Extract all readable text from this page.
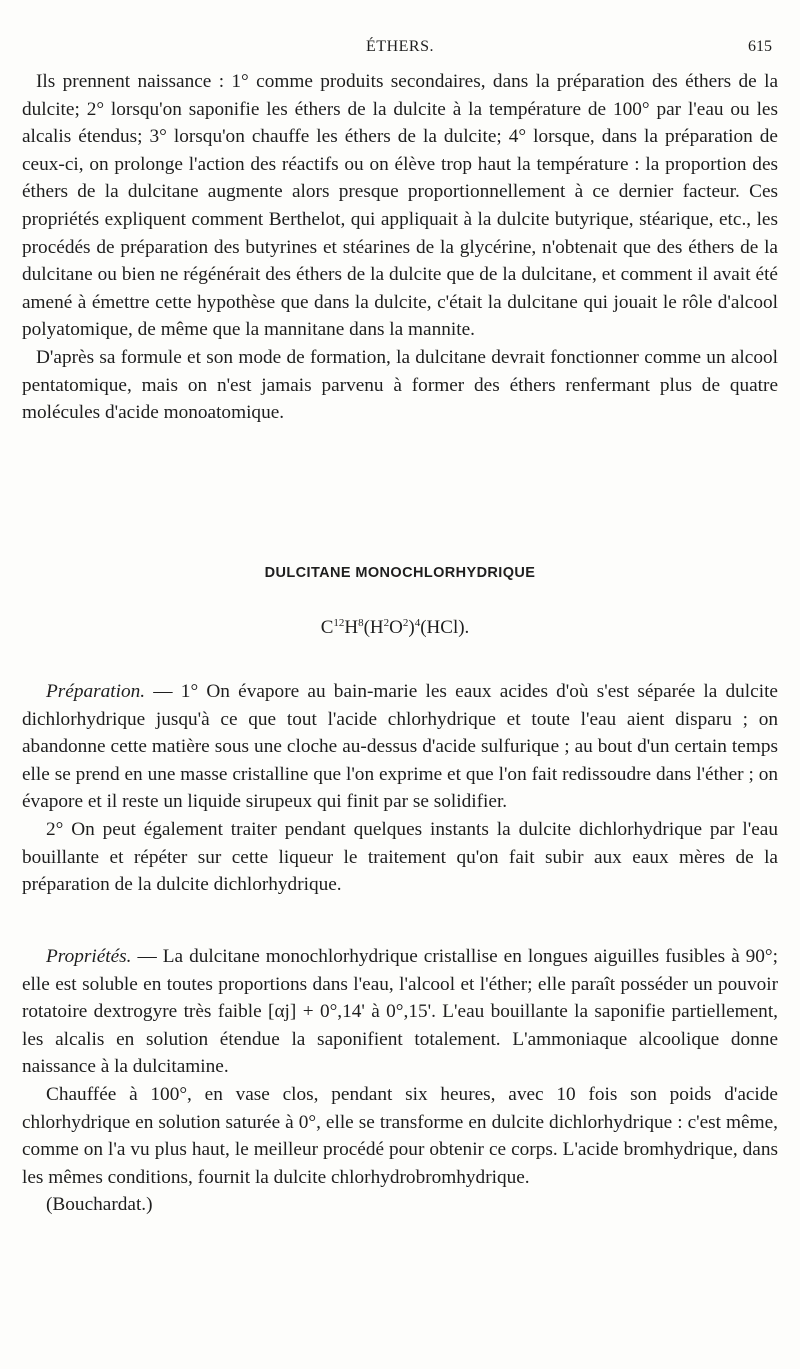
ÉTHERS.	615

Ils prennent naissance : 1° comme produits secondaires, dans la préparation des éthers de la dulcite; 2° lorsqu'on saponifie les éthers de la dulcite à la température de 100° par l'eau ou les alcalis étendus; 3° lorsqu'on chauffe les éthers de la dulcite; 4° lorsque, dans la préparation de ceux-ci, on prolonge l'action des réactifs ou on élève trop haut la température : la proportion des éthers de la dulcitane augmente alors presque proportionnellement à ce dernier facteur. Ces propriétés expliquent comment Berthelot, qui appliquait à la dulcite butyrique, stéarique, etc., les procédés de préparation des butyrines et stéarines de la glycérine, n'obtenait que des éthers de la dulcitane ou bien ne régénérait des éthers de la dulcite que de la dulcitane, et comment il avait été amené à émettre cette hypothèse que dans la dulcite, c'était la dulcitane qui jouait le rôle d'alcool polyatomique, de même que la mannitane dans la mannite.

D'après sa formule et son mode de formation, la dulcitane devrait fonctionner comme un alcool pentatomique, mais on n'est jamais parvenu à former des éthers renfermant plus de quatre molécules d'acide monoatomique.

DULCITANE MONOCHLORHYDRIQUE
$C^{12}H^8(H^2O^2)^4(HCl)$.

Préparation. — 1° On évapore au bain-marie les eaux acides d'où s'est séparée la dulcite dichlorhydrique jusqu'à ce que tout l'acide chlorhydrique et toute l'eau aient disparu ; on abandonne cette matière sous une cloche au-dessus d'acide sulfurique ; au bout d'un certain temps elle se prend en une masse cristalline que l'on exprime et que l'on fait redissoudre dans l'éther ; on évapore et il reste un liquide sirupeux qui finit par se solidifier.

2° On peut également traiter pendant quelques instants la dulcite dichlorhydrique par l'eau bouillante et répéter sur cette liqueur le traitement qu'on fait subir aux eaux mères de la préparation de la dulcite dichlorhydrique.

Propriétés. — La dulcitane monochlorhydrique cristallise en longues aiguilles fusibles à 90°; elle est soluble en toutes proportions dans l'eau, l'alcool et l'éther; elle paraît posséder un pouvoir rotatoire dextrogyre très faible [αj] + 0°,14' à 0°,15'. L'eau bouillante la saponifie partiellement, les alcalis en solution étendue la saponifient totalement. L'ammoniaque alcoolique donne naissance à la dulcitamine.

Chauffée à 100°, en vase clos, pendant six heures, avec 10 fois son poids d'acide chlorhydrique en solution saturée à 0°, elle se transforme en dulcite dichlorhydrique : c'est même, comme on l'a vu plus haut, le meilleur procédé pour obtenir ce corps. L'acide bromhydrique, dans les mêmes conditions, fournit la dulcite chlorhydrobromhydrique.

(Bouchardat.)
